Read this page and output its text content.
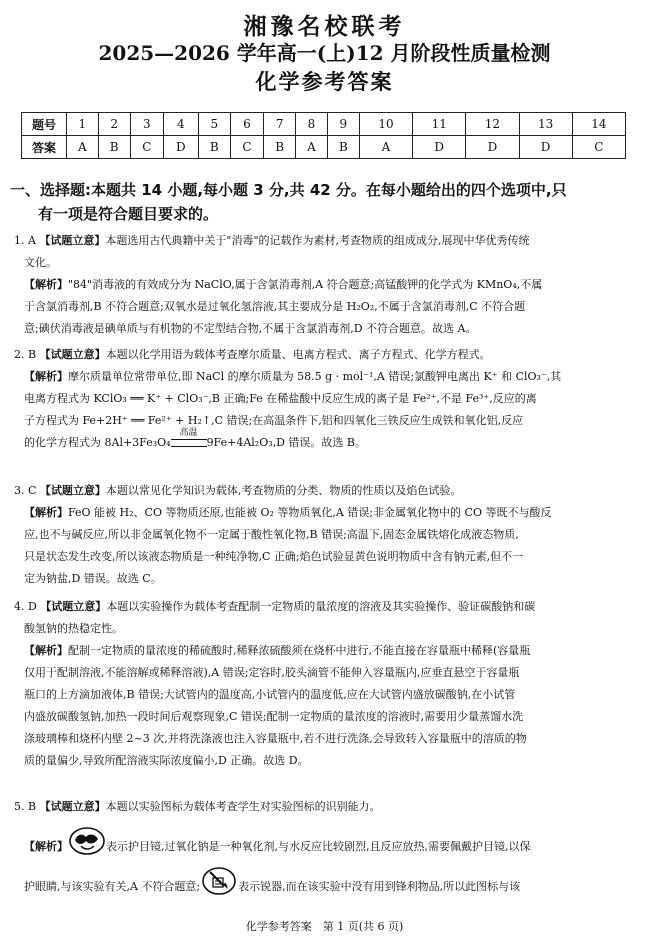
湘豫名校联考
2025—2026 学年高一(上)12 月阶段性质量检测
化学参考答案
题号	1	2	3	4	5	6	7	8	9	10	11	12	13	14
答案	A	B	C	D	B	C	B	A	B	A	D	D	D	C
一、选择题:本题共 14 小题,每小题 3 分,共 42 分。在每小题给出的四个选项中,只
有一项是符合题目要求的。
1. A 【试题立意】本题选用古代典籍中关于"消毒"的记载作为素材,考查物质的组成成分,展现中华优秀传统
文化。
【解析】"84"消毒液的有效成分为 NaClO,属于含氯消毒剂,A 符合题意;高锰酸钾的化学式为 KMnO₄,不属
于含氯消毒剂,B 不符合题意;双氧水是过氧化氢溶液,其主要成分是 H₂O₂,不属于含氯消毒剂,C 不符合题
意;碘伏消毒液是碘单质与有机物的不定型结合物,不属于含氯消毒剂,D 不符合题意。故选 A。
2. B 【试题立意】本题以化学用语为载体考查摩尔质量、电离方程式、离子方程式、化学方程式。
【解析】摩尔质量单位常带单位,即 NaCl 的摩尔质量为 58.5 g · mol⁻¹,A 错误;氯酸钾电离出 K⁺ 和 ClO₃⁻,其
电离方程式为 KClO₃ ══ K⁺ + ClO₃⁻,B 正确;Fe 在稀盐酸中反应生成的离子是 Fe²⁺,不是 Fe³⁺,反应的离
子方程式为 Fe+2H⁺ ══ Fe²⁺ + H₂↑,C 错误;在高温条件下,铝和四氧化三铁反应生成铁和氧化铝,反应
的化学方程式为 8Al+3Fe₃O₄
高温
9Fe+4Al₂O₃,D 错误。故选 B。
3. C 【试题立意】本题以常见化学知识为载体,考查物质的分类、物质的性质以及焰色试验。
【解析】FeO 能被 H₂、CO 等物质还原,也能被 O₂ 等物质氧化,A 错误;非金属氧化物中的 CO 等既不与酸反
应,也不与碱反应,所以非金属氧化物不一定属于酸性氧化物,B 错误;高温下,固态金属铁熔化成液态物质,
只是状态发生改变,所以该液态物质是一种纯净物,C 正确;焰色试验显黄色说明物质中含有钠元素,但不一
定为钠盐,D 错误。故选 C。
4. D 【试题立意】本题以实验操作为载体考查配制一定物质的量浓度的溶液及其实验操作、验证碳酸钠和碳
酸氢钠的热稳定性。
【解析】配制一定物质的量浓度的稀硫酸时,稀释浓硫酸须在烧杯中进行,不能直接在容量瓶中稀释(容量瓶
仅用于配制溶液,不能溶解或稀释溶液),A 错误;定容时,胶头滴管不能伸入容量瓶内,应垂直悬空于容量瓶
瓶口的上方滴加液体,B 错误;大试管内的温度高,小试管内的温度低,应在大试管内盛放碳酸钠,在小试管
内盛放碳酸氢钠,加热一段时间后观察现象,C 错误;配制一定物质的量浓度的溶液时,需要用少量蒸馏水洗
涤玻璃棒和烧杯内壁 2~3 次,并将洗涤液也注入容量瓶中,若不进行洗涤,会导致转入容量瓶中的溶质的物
质的量偏少,导致所配溶液实际浓度偏小,D 正确。故选 D。
5. B 【试题立意】本题以实验图标为载体考查学生对实验图标的识别能力。
【解析】	表示护目镜,过氧化钠是一种氧化剂,与水反应比较剧烈,且反应放热,需要佩戴护目镜,以保
护眼睛,与该实验有关,A 不符合题意;	表示锐器,而在该实验中没有用到锋利物品,所以此图标与该
化学参考答案　第 1 页(共 6 页)
